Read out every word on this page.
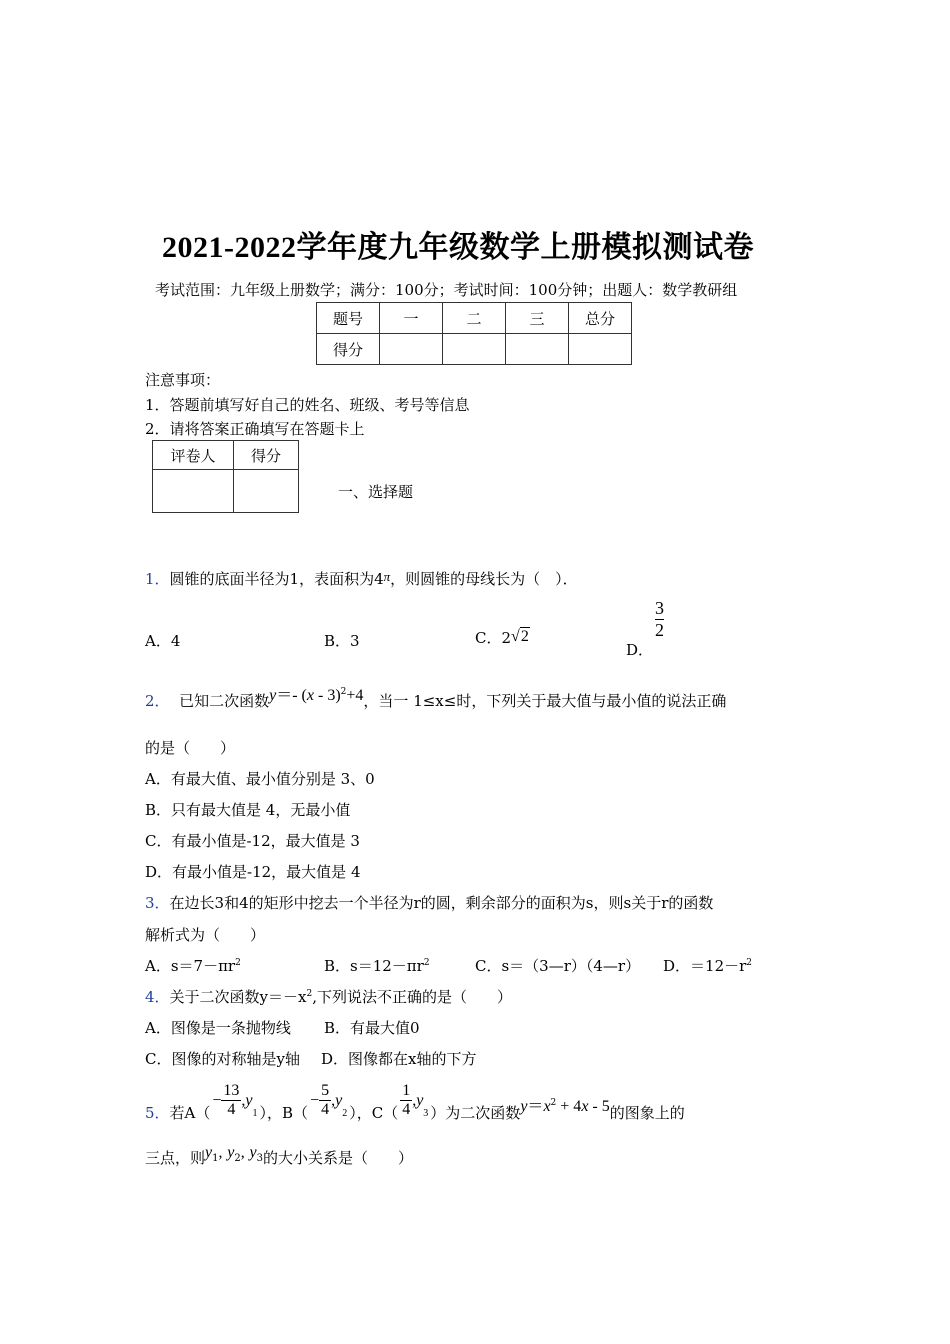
2021-2022学年度九年级数学上册模拟测试卷
考试范围：九年级上册数学；满分：100分；考试时间：100分钟；出题人：数学教研组
题号	一	二	三	总分
得分				
注意事项：
1．答题前填写好自己的姓名、班级、考号等信息
2．请将答案正确填写在答题卡上
评卷人	得分

一、选择题
1．圆锥的底面半径为1，表面积为4π，则圆锥的母线长为（　）．
A．4	B．3	C．2√2
D．
$\frac{3}{2}$
2． 已知二次函数y＝- (x - 3)$^2$+4，当一 1≤x≤时，下列关于最大值与最小值的说法正确
的是（　　）
A．有最大值、最小值分别是 3、0
B．只有最大值是 4，无最小值
C．有最小值是-12，最大值是 3
D．有最小值是-12，最大值是 4
3．在边长3和4的矩形中挖去一个半径为r的圆，剩余部分的面积为s，则s关于r的函数
解析式为（　　）
A．$s=7-\pi r^2$	B．$s=12-\pi r^2$	C．s＝（3—r）（4—r） D．$=12-r^2$
4．关于二次函数$y=-x^2$,下列说法不正确的是（　　）
A．图像是一条抛物线 B．有最大值0
C．图像的对称轴是y轴 D．图像都在x轴的下方
5． 若A（
− $\frac{13}{4}$ , y
$_1$ ），B（
− $\frac{5}{4}$ , y
$_2$ ），$C( \frac{1}{4}$ , y
$_3$ ）为二次函数 $y=x^2 + 4x - 5$ 的图象上的
三点，则$y_1$, $y_2$, $y_3$的大小关系是（　　）
